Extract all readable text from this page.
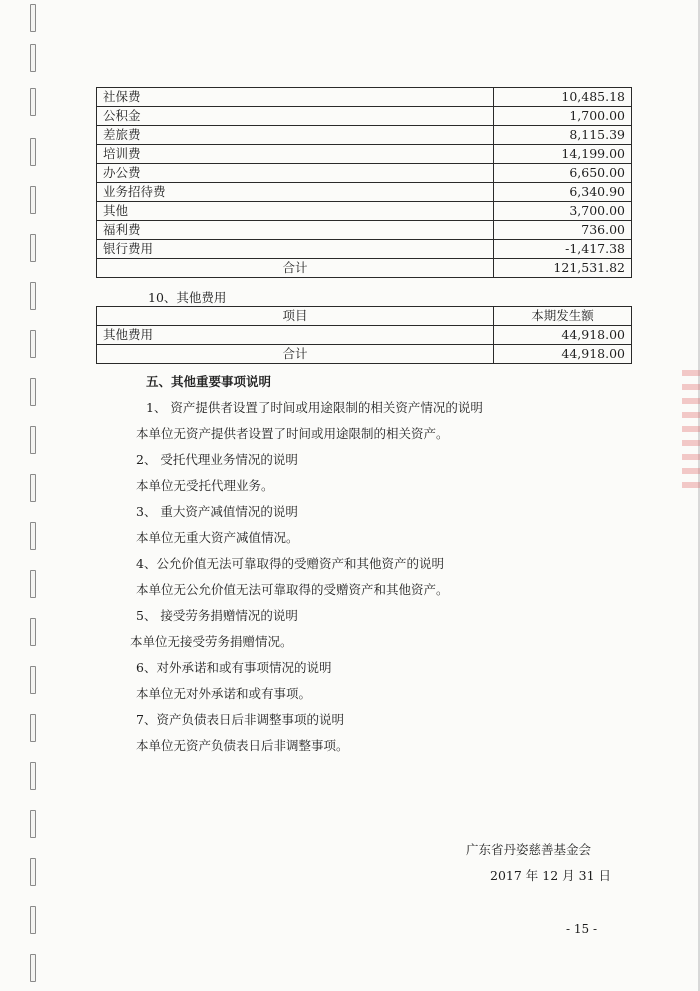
社保费	10,485.18
公积金	1,700.00
差旅费	8,115.39
培训费	14,199.00
办公费	6,650.00
业务招待费	6,340.90
其他	3,700.00
福利费	736.00
银行费用	-1,417.38
合计	121,531.82
10、其他费用
项目	本期发生额
其他费用	44,918.00
合计	44,918.00
五、其他重要事项说明
1、 资产提供者设置了时间或用途限制的相关资产情况的说明
本单位无资产提供者设置了时间或用途限制的相关资产。
2、 受托代理业务情况的说明
本单位无受托代理业务。
3、 重大资产减值情况的说明
本单位无重大资产减值情况。
4、公允价值无法可靠取得的受赠资产和其他资产的说明
本单位无公允价值无法可靠取得的受赠资产和其他资产。
5、 接受劳务捐赠情况的说明
本单位无接受劳务捐赠情况。
6、对外承诺和或有事项情况的说明
本单位无对外承诺和或有事项。
7、资产负债表日后非调整事项的说明
本单位无资产负债表日后非调整事项。
广东省丹姿慈善基金会
2017 年 12 月 31 日
- 15 -
